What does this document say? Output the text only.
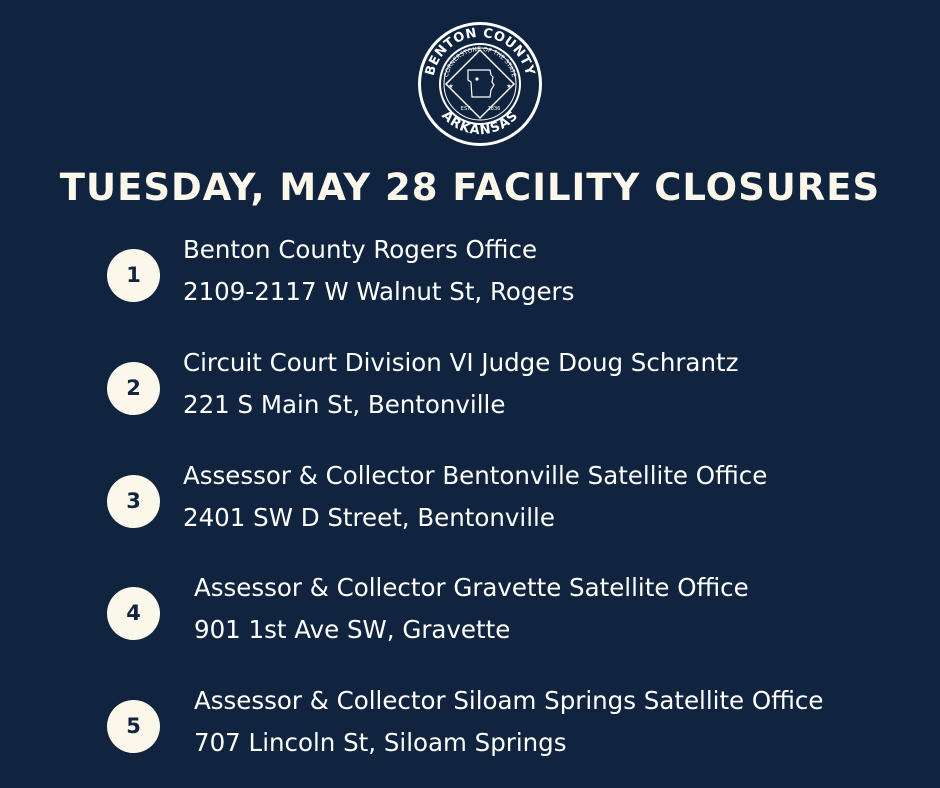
BENTON COUNTY
ARKANSAS
CORNERSTONE OF THE STATE
EST.	1836
★	★
TUESDAY, MAY 28 FACILITY CLOSURES
1
Benton County Rogers Office
2109-2117 W Walnut St, Rogers
2
Circuit Court Division VI Judge Doug Schrantz
221 S Main St, Bentonville
3
Assessor & Collector Bentonville Satellite Office
2401 SW D Street, Bentonville
4
Assessor & Collector Gravette Satellite Office
901 1st Ave SW, Gravette
5
Assessor & Collector Siloam Springs Satellite Office
707 Lincoln St, Siloam Springs
